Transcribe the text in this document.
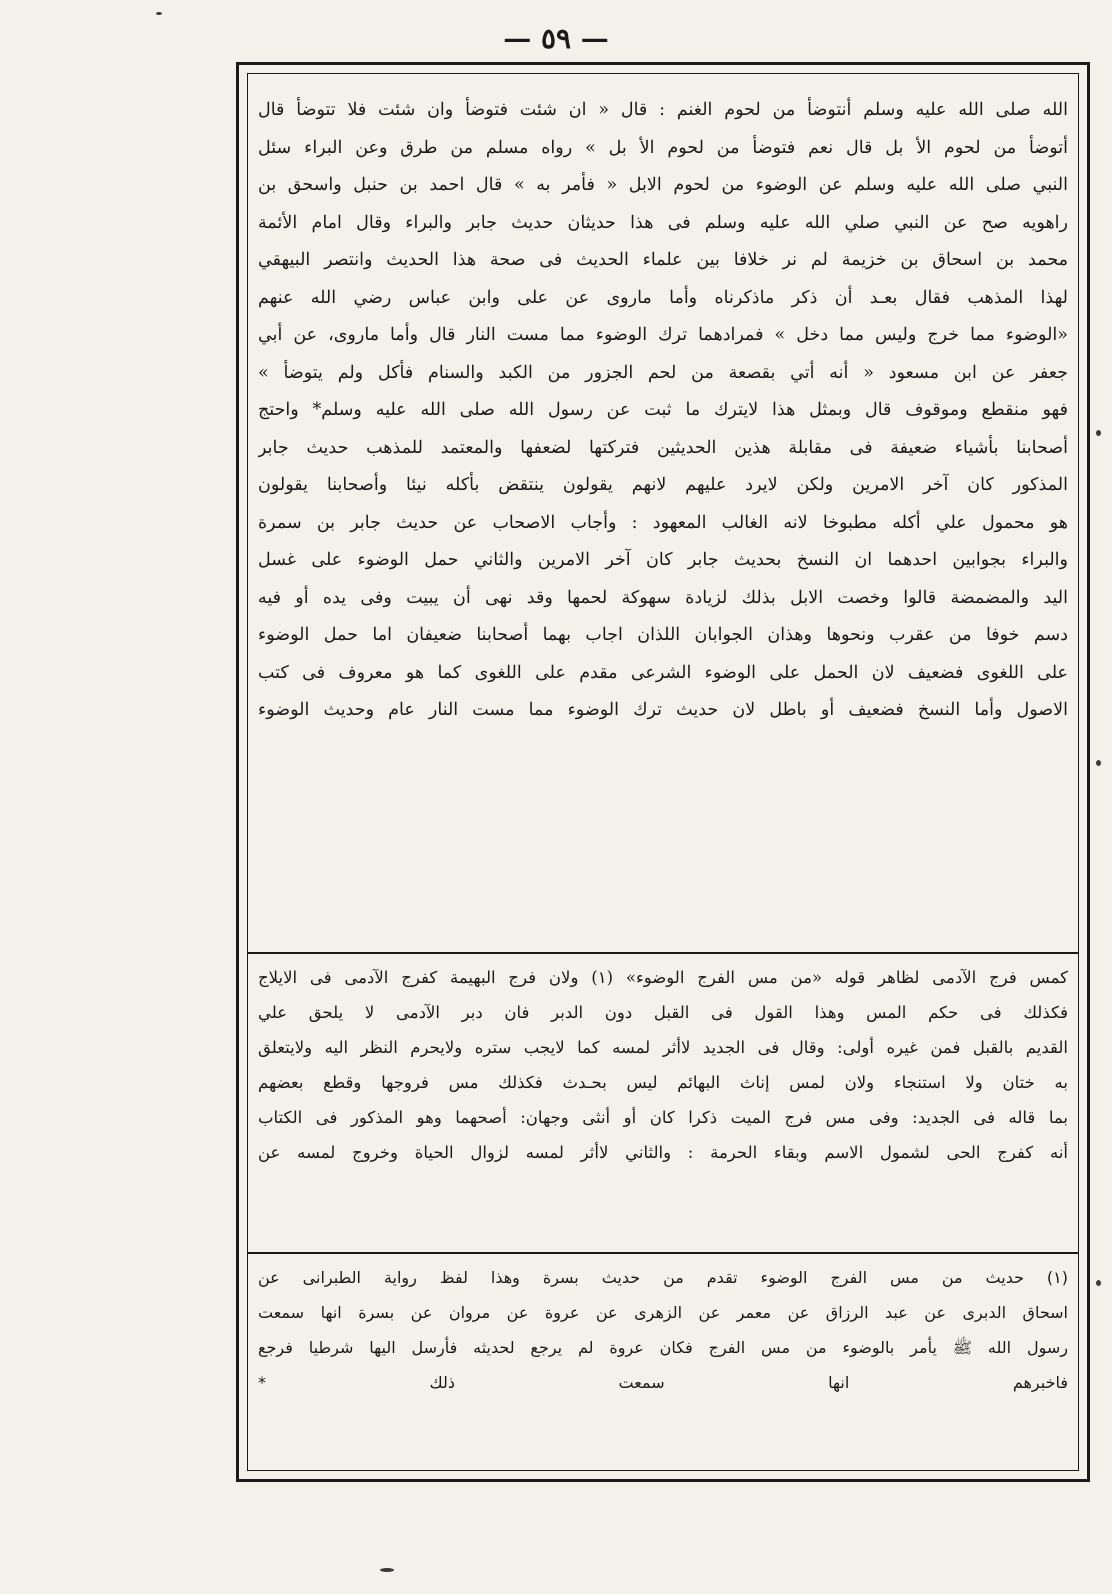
— ٥٩ —
الله صلى الله عليه وسلم أنتوضأ من لحوم الغنم : قال « ان شئت فتوضأ وان شئت فلا تتوضأ قال
أتوضأ من لحوم الأ بل قال نعم فتوضأ من لحوم الأ بل » رواه مسلم من طرق وعن البراء سئل
النبي صلى الله عليه وسلم عن الوضوء من لحوم الابل « فأمر به » قال احمد بن حنبل واسحق بن
راهويه صح عن النبي صلي الله عليه وسلم فى هذا حديثان حديث جابر والبراء وقال امام الأئمة
محمد بن اسحاق بن خزيمة لم نر خلافا بين علماء الحديث فى صحة هذا الحديث وانتصر البيهقي
لهذا المذهب فقال بعـد أن ذكر ماذكرناه وأما ماروى عن على وابن عباس رضي الله عنهم
«الوضوء مما خرج وليس مما دخل » فمرادهما ترك الوضوء مما مست النار قال وأما ماروى، عن أبي
جعفر عن ابن مسعود « أنه أتي بقصعة من لحم الجزور من الكبد والسنام فأكل ولم يتوضأ »
فهو منقطع وموقوف قال وبمثل هذا لايترك ما ثبت عن رسول الله صلى الله عليه وسلم* واحتج
أصحابنا بأشياء ضعيفة فى مقابلة هذين الحديثين فتركتها لضعفها والمعتمد للمذهب حديث جابر
المذكور كان آخر الامرين ولكن لايرد عليهم لانهم يقولون ينتقض بأكله نيئا وأصحابنا يقولون
هو محمول علي أكله مطبوخا لانه الغالب المعهود : وأجاب الاصحاب عن حديث جابر بن سمرة
والبراء بجوابين احدهما ان النسخ بحديث جابر كان آخر الامرين والثاني حمل الوضوء على غسل
اليد والمضمضة قالوا وخصت الابل بذلك لزيادة سهوكة لحمها وقد نهى أن يبيت وفى يده أو فيه
دسم خوفا من عقرب ونحوها وهذان الجوابان اللذان اجاب بهما أصحابنا ضعيفان اما حمل الوضوء
على اللغوى فضعيف لان الحمل على الوضوء الشرعى مقدم على اللغوى كما هو معروف فى كتب
الاصول وأما النسخ فضعيف أو باطل لان حديث ترك الوضوء مما مست النار عام وحديث الوضوء
كمس فرج الآدمى لظاهر قوله «من مس الفرج الوضوء» (١) ولان فرج البهيمة كفرج الآدمى فى الايلاج
فكذلك فى حكم المس وهذا القول فى القبل دون الدبر فان دبر الآدمى لا يلحق علي
القديم بالقبل فمن غيره أولى: وقال فى الجديد لاأثر لمسه كما لايجب ستره ولايحرم النظر اليه ولايتعلق
به ختان ولا استنجاء ولان لمس إناث البهائم ليس بحـدث فكذلك مس فروجها وقطع بعضهم
بما قاله فى الجديد: وفى مس فرج الميت ذكرا كان أو أنثى وجهان: أصحهما وهو المذكور فى الكتاب
أنه كفرج الحى لشمول الاسم وبقاء الحرمة : والثاني لاأثر لمسه لزوال الحياة وخروج لمسه عن
(١) حديث من مس الفرج الوضوء تقدم من حديث بسرة وهذا لفظ رواية الطبرانى عن
اسحاق الدبرى عن عبد الرزاق عن معمر عن الزهرى عن عروة عن مروان عن بسرة انها سمعت
رسول الله ﷺ يأمر بالوضوء من مس الفرج فكان عروة لم يرجع لحديثه فأرسل اليها شرطيا فرجع
فاخبرهم انها سمعت ذلك *
